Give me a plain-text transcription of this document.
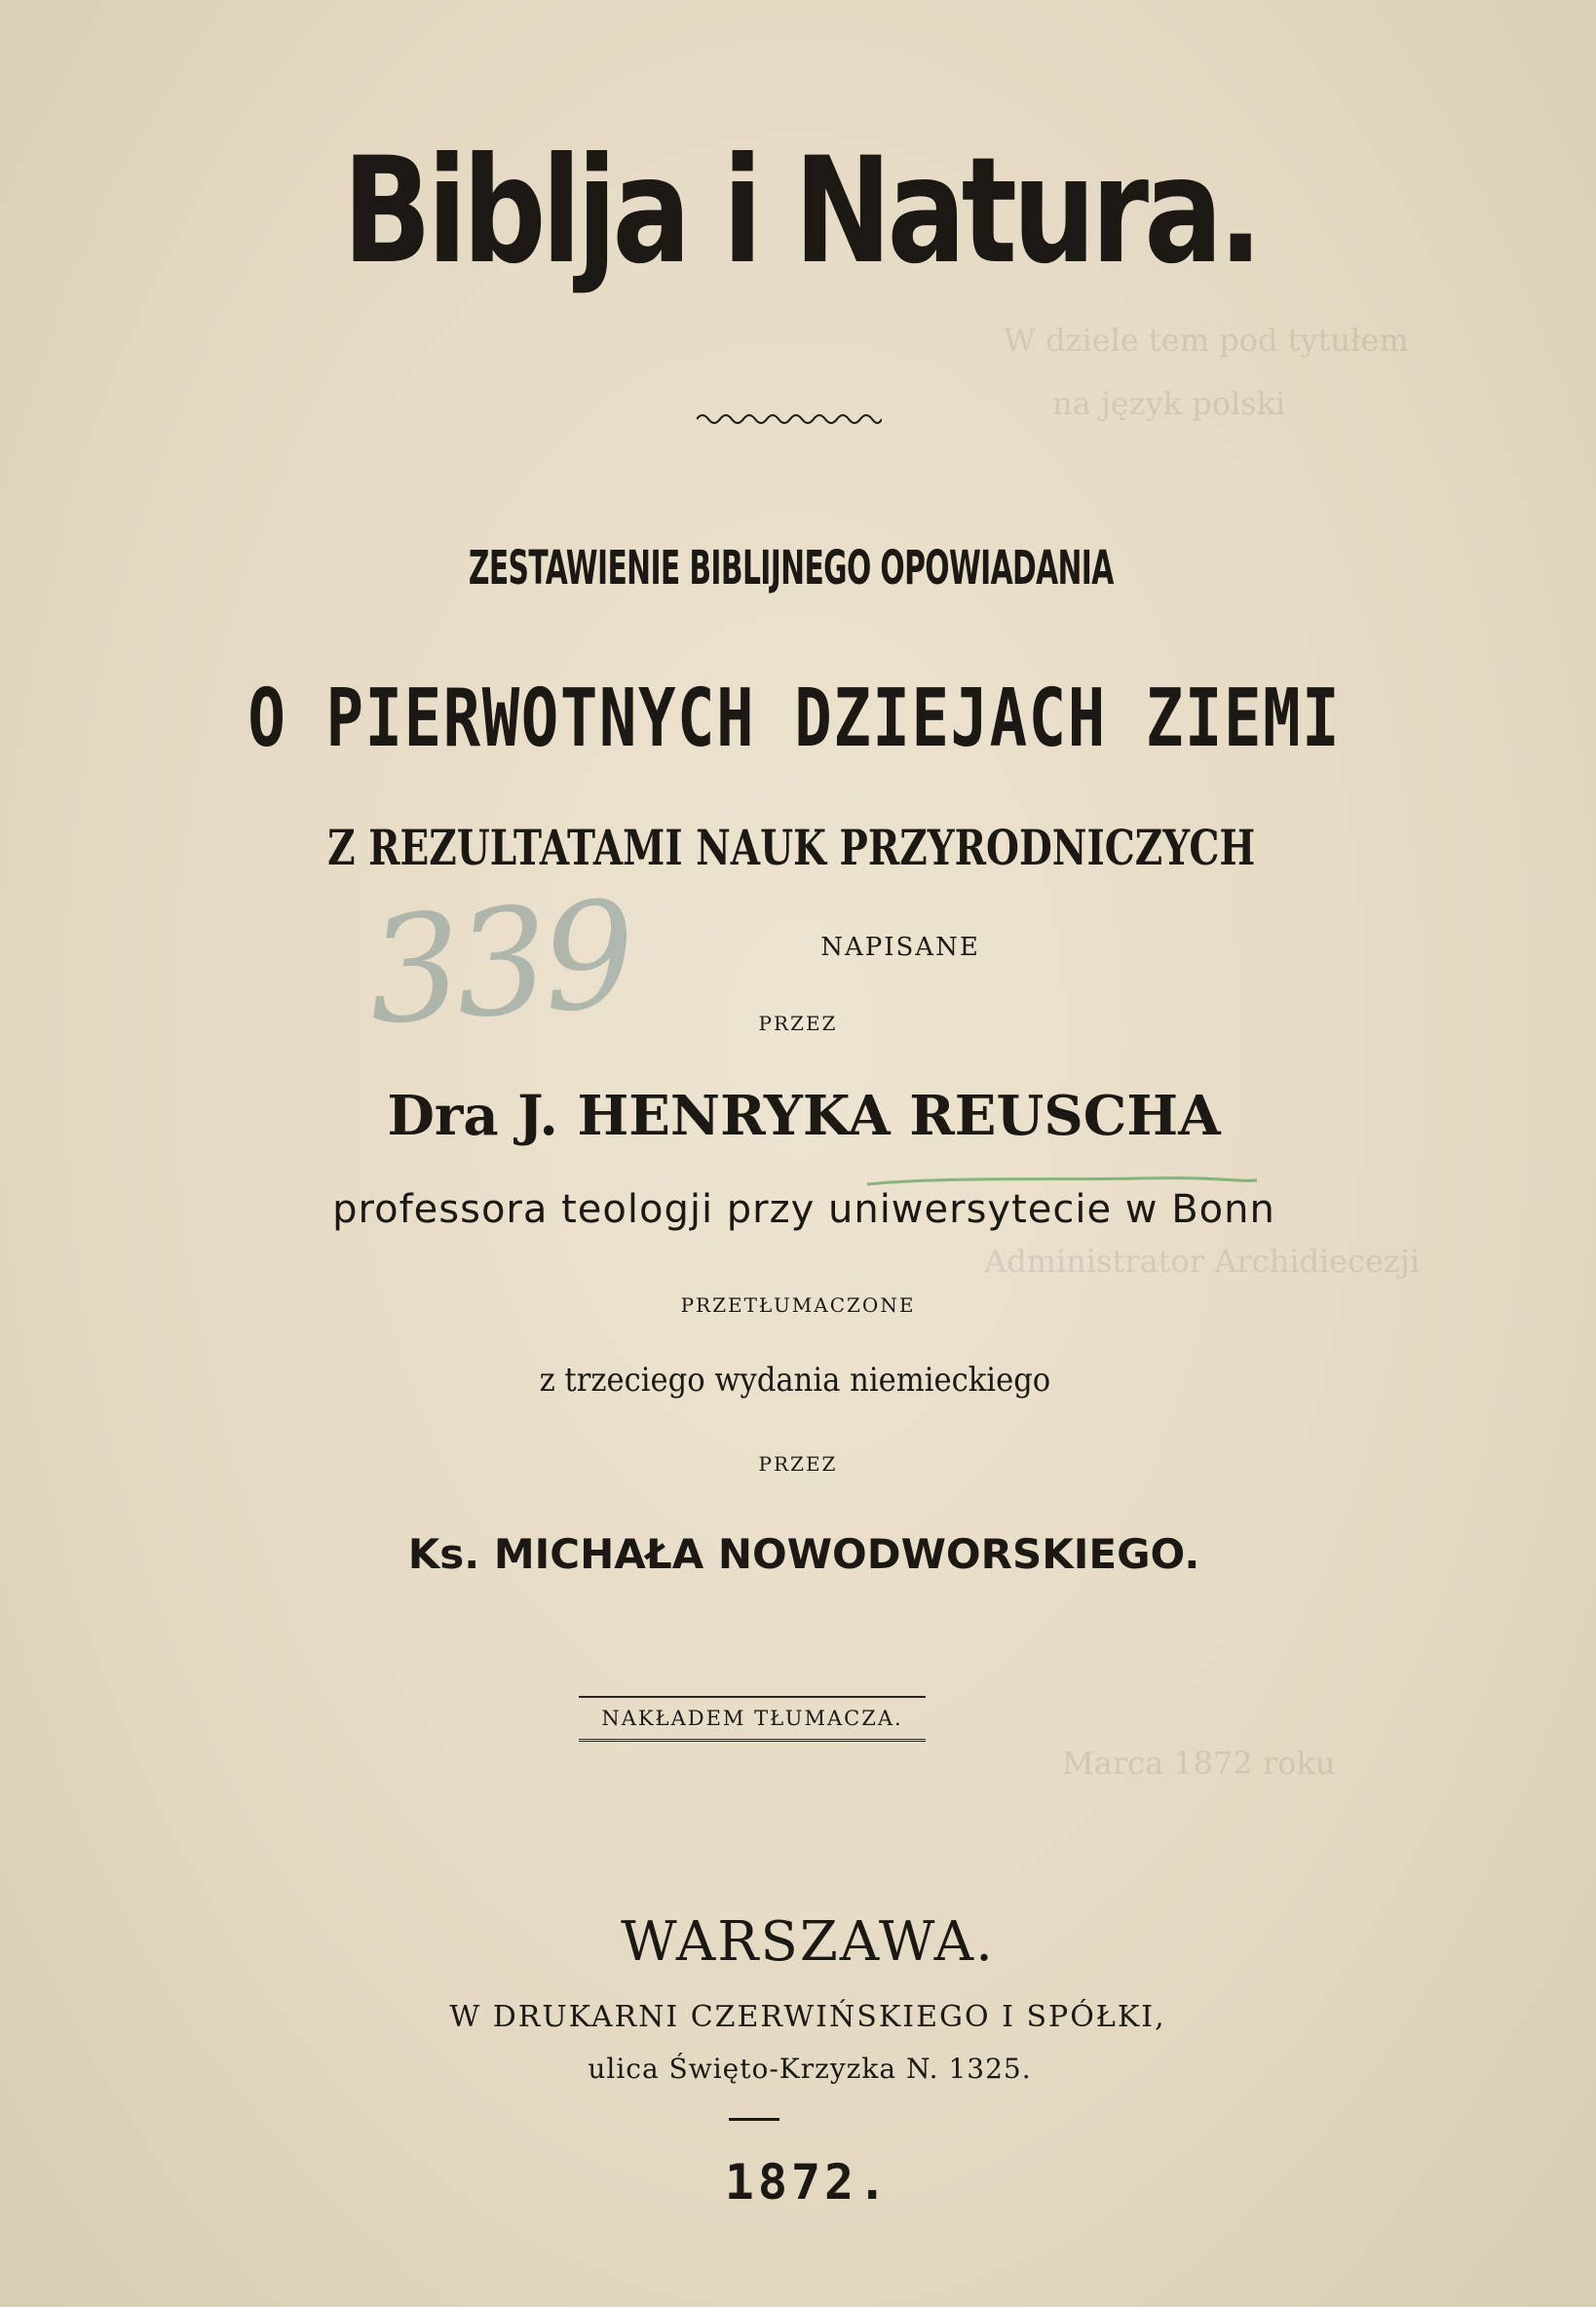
W dziele tem pod tytułem
na język polski
Administrator Archidiecezji
Marca 1872 roku
Biblja i Natura.
ZESTAWIENIE BIBLIJNEGO OPOWIADANIA
O PIERWOTNYCH DZIEJACH ZIEMI
Z REZULTATAMI NAUK PRZYRODNICZYCH
339	NAPISANE
PRZEZ
Dra J. HENRYKA REUSCHA
professora teologji przy uniwersytecie w Bonn
PRZETŁUMACZONE
z trzeciego wydania niemieckiego
PRZEZ
Ks. MICHAŁA NOWODWORSKIEGO.
NAKŁADEM TŁUMACZA.
WARSZAWA.
W DRUKARNI CZERWIŃSKIEGO I SPÓŁKI,
ulica Święto-Krzyzka N. 1325.
1872.
